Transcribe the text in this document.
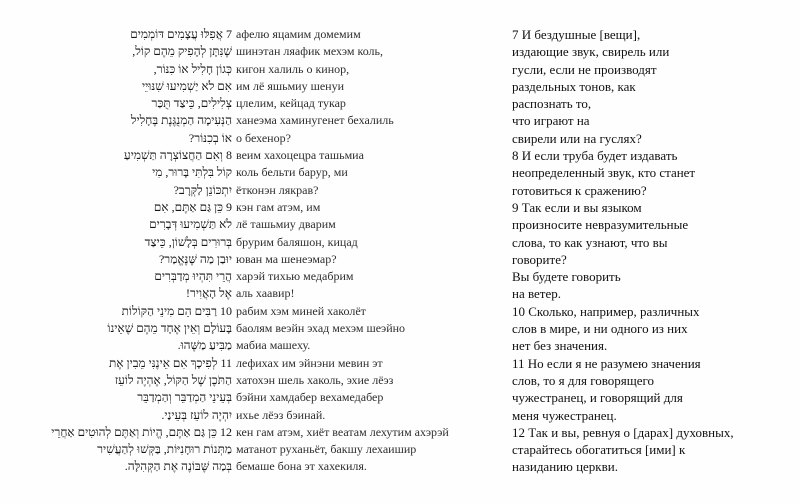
7 אֲפִלּוּ עֲצָמִים דּוֹמְמִים
שֶׁנִּתָּן לְהָפִיק מֵהֶם קוֹל,
כְּגוֹן חָלִיל אוֹ כִּנּוֹר,
אִם לֹא יַשְׁמִיעוּ שִׁנּוּיֵי
צְלִילִים, כֵּיצַד תֻּכַּר
הַנְּעִימָה הַמְנֻגֶּנֶת בֶּחָלִיל
אוֹ בְכִנּוֹר?
8 וְאִם הַחֲצוֹצְרָה תַּשְׁמִיעַ
קוֹל בִּלְתִּי בָּרוּר, מִי
יִתְכּוֹנֵן לַקְּרָב?
9 כֵּן גַּם אַתֶּם, אִם
לֹא תַּשְׁמִיעוּ דְּבָרִים
בְּרוּרִים בְּלָשׁוֹן, כֵּיצַד
יוּבַן מַה שֶּׁנֶּאֱמַר?
הֲרֵי תִּהְיוּ מְדַבְּרִים
אֶל הָאֲוִיר!
10 רַבִּים הֵם מִינֵי הַקּוֹלוֹת
בָּעוֹלָם וְאֵין אֶחָד מֵהֶם שֶׁאֵינוֹ
מַבִּיעַ מַשֶּׁהוּ.
11 לְפִיכָךְ אִם אֵינֶנִּי מֵבִין אֶת
הַתֹּכֶן שֶׁל הַקּוֹל, אֶהְיֶה לוֹעֵז
בְּעֵינֵי הַמְדַבֵּר וְהַמְדַבֵּר
יִהְיֶה לוֹעֵז בְּעֵינַי.
12 כֵּן גַּם אַתֶּם, הֱיוֹת וְאַתֶּם לְהוּטִים אַחֲרֵי
מַתְּנוֹת רוּחָנִיּוֹת, בַּקְּשׁוּ לְהַעֲשִׁיר
בְּמַה שֶּׁבּוֹנֶה אֶת הַקְּהִלָּה.
афелю яцамим домемим
шинэтан ляафик мехэм коль,
кигон халиль о кинор,
им лё яшьмиу шенуи
цлелим, кейцад тукар
ханеэма хаминугенет бехалиль
о бехенор?
веим хахоцецра ташьмиа
коль бельти барур, ми
ётконэн лякрав?
кэн гам атэм, им
лё ташьмиу дварим
брурим баляшон, кицад
юван ма шенеэмар?
харэй тихью медабрим
аль хаавир!
рабим хэм миней хаколёт
баолям веэйн эхад мехэм шеэйно
мабиа машеху.
лефихах им эйнэни мевин эт
хатохэн шель хаколь, эхие лёэз
бэйни хамдабер вехамедабер
ихье лёэз бэинай.
кен гам атэм, хиёт веатам лехутим ахэрэй
матанот руханьёт, бакшу лехаишир
бемаше бона эт хахекиля.
7 И бездушные [вещи],
издающие звук, свирель или
гусли, если не производят
раздельных тонов, как
распознать то,
что играют на
свирели или на гуслях?
8 И если труба будет издавать
неопределенный звук, кто станет
готовиться к сражению?
9 Так если и вы языком
произносите невразумительные
слова, то как узнают, что вы
говорите?
Вы будете говорить
на ветер.
10 Сколько, например, различных
слов в мире, и ни одного из них
нет без значения.
11 Но если я не разумею значения
слов, то я для говорящего
чужестранец, и говорящий для
меня чужестранец.
12 Так и вы, ревнуя о [дарах] духовных,
старайтесь обогатиться [ими] к
назиданию церкви.
